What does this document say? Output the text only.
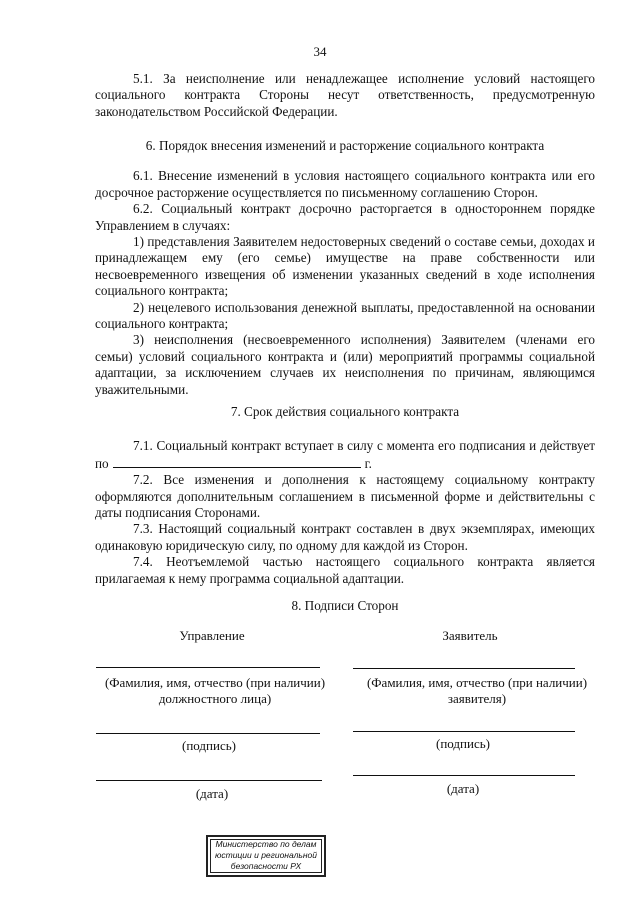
34

5.1. За неисполнение или ненадлежащее исполнение условий настоящего социального контракта Стороны несут ответственность, предусмотренную законодательством Российской Федерации.

6. Порядок внесения изменений и расторжение социального контракта

6.1. Внесение изменений в условия настоящего социального контракта или его досрочное расторжение осуществляется по письменному соглашению Сторон.

6.2. Социальный контракт досрочно расторгается в одностороннем порядке Управлением в случаях:

1) представления Заявителем недостоверных сведений о составе семьи, доходах и принадлежащем ему (его семье) имуществе на праве собственности или несвоевременного извещения об изменении указанных сведений в ходе исполнения социального контракта;

2) нецелевого использования денежной выплаты, предоставленной на основании социального контракта;

3) неисполнения (несвоевременного исполнения) Заявителем (членами его семьи) условий социального контракта и (или) мероприятий программы социальной адаптации, за исключением случаев их неисполнения по причинам, являющимся уважительными.

7. Срок действия социального контракта

7.1. Социальный контракт вступает в силу с момента его подписания и действует по	г.

7.2. Все изменения и дополнения к настоящему социальному контракту оформляются дополнительным соглашением в письменной форме и действительны с даты подписания Сторонами.

7.3. Настоящий социальный контракт составлен в двух экземплярах, имеющих одинаковую юридическую силу, по одному для каждой из Сторон.

7.4. Неотъемлемой частью настоящего социального контракта является прилагаемая к нему программа социальной адаптации.

8. Подписи Сторон

Управление
(Фамилия, имя, отчество (при наличии) должностного лица)
(подпись)
(дата)
Заявитель
(Фамилия, имя, отчество (при наличии) заявителя)
(подпись)
(дата)
Министерство по делам юстиции и региональной безопасности РХ
